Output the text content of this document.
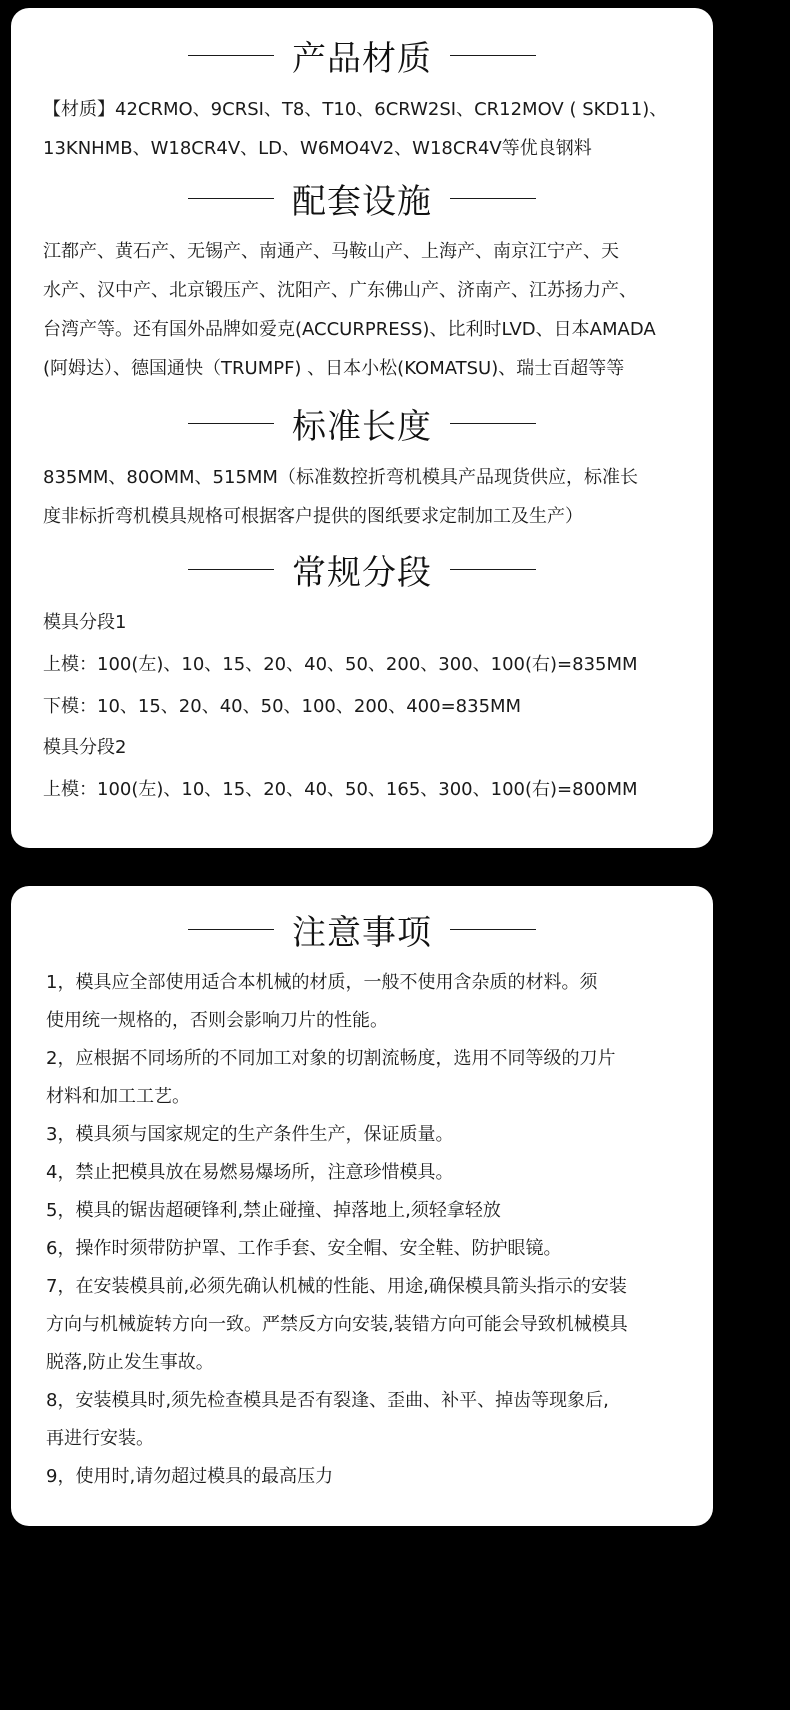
产品材质
【材质】42CRMO、9CRSI、T8、T10、6CRW2SI、CR12MOV ( SKD11)、
13KNHMB、W18CR4V、LD、W6MO4V2、W18CR4V等优良钢料
配套设施
江都产、黄石产、无锡产、南通产、马鞍山产、上海产、南京江宁产、天
水产、汉中产、北京锻压产、沈阳产、广东佛山产、济南产、江苏扬力产、
台湾产等。还有国外品牌如爱克(ACCURPRESS)、比利时LVD、日本AMADA
(阿姆达）、德国通快（TRUMPF) 、日本小松(KOMATSU)、瑞士百超等等
标准长度
835MM、80OMM、515MM（标准数控折弯机模具产品现货供应，标准长
度非标折弯机模具规格可根据客户提供的图纸要求定制加工及生产）
常规分段
模具分段1
上模：100(左)、10、15、20、40、50、200、300、100(右)=835MM
下模：10、15、20、40、50、100、200、400=835MM
模具分段2
上模：100(左)、10、15、20、40、50、165、300、100(右)=800MM
注意事项
1，模具应全部使用适合本机械的材质，一般不使用含杂质的材料。须
使用统一规格的，否则会影响刀片的性能。
2，应根据不同场所的不同加工对象的切割流畅度，选用不同等级的刀片
材料和加工工艺。
3，模具须与国家规定的生产条件生产，保证质量。
4，禁止把模具放在易燃易爆场所，注意珍惜模具。
5，模具的锯齿超硬锋利,禁止碰撞、掉落地上,须轻拿轻放
6，操作时须带防护罩、工作手套、安全帽、安全鞋、防护眼镜。
7，在安装模具前,必须先确认机械的性能、用途,确保模具箭头指示的安装
方向与机械旋转方向一致。严禁反方向安装,装错方向可能会导致机械模具
脱落,防止发生事故。
8，安装模具时,须先检查模具是否有裂逢、歪曲、补平、掉齿等现象后,
再进行安装。
9，使用时,请勿超过模具的最高压力
